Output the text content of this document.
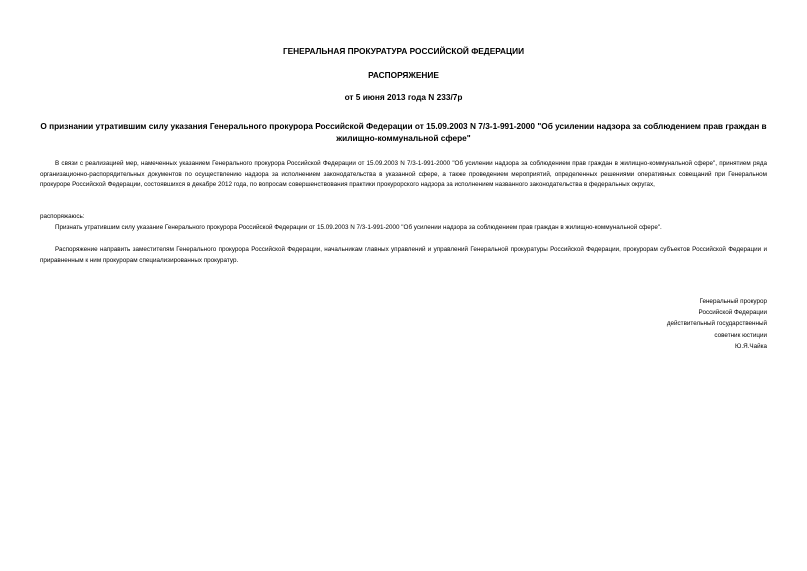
ГЕНЕРАЛЬНАЯ ПРОКУРАТУРА РОССИЙСКОЙ ФЕДЕРАЦИИ
РАСПОРЯЖЕНИЕ
от 5 июня 2013 года N 233/7р
О признании утратившим силу указания Генерального прокурора Российской Федерации от 15.09.2003 N 7/3-1-991-2000 "Об усилении надзора за соблюдением прав граждан в жилищно-коммунальной сфере"
В связи с реализацией мер, намеченных указанием Генерального прокурора Российской Федерации от 15.09.2003 N 7/3-1-991-2000 "Об усилении надзора за соблюдением прав граждан в жилищно-коммунальной сфере", принятием ряда организационно-распорядительных документов по осуществлению надзора за исполнением законодательства в указанной сфере, а также проведением мероприятий, определенных решениями оперативных совещаний при Генеральном прокуроре Российской Федерации, состоявшихся в декабре 2012 года, по вопросам совершенствования практики прокурорского надзора за исполнением названного законодательства в федеральных округах,
распоряжаюсь:
Признать утратившим силу указание Генерального прокурора Российской Федерации от 15.09.2003 N 7/3-1-991-2000 "Об усилении надзора за соблюдением прав граждан в жилищно-коммунальной сфере".
Распоряжение направить заместителям Генерального прокурора Российской Федерации, начальникам главных управлений и управлений Генеральной прокуратуры Российской Федерации, прокурорам субъектов Российской Федерации и приравненным к ним прокурорам специализированных прокуратур.
Генеральный прокурор
Российской Федерации
действительный государственный
советник юстиции
Ю.Я.Чайка
